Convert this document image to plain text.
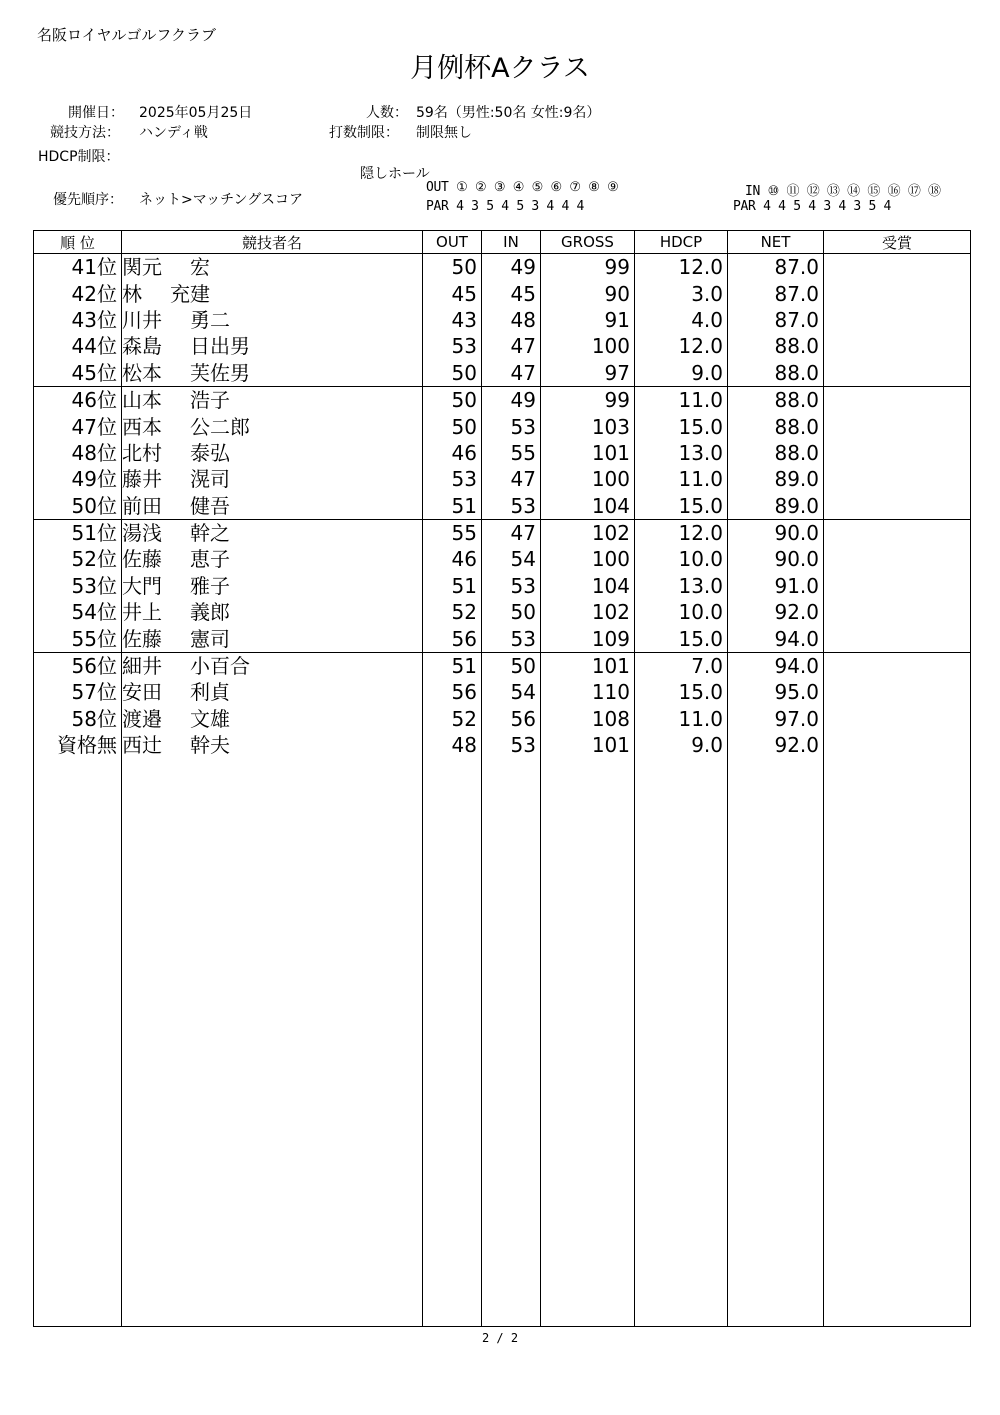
名阪ロイヤルゴルフクラブ
月例杯Aクラス
開催日： 2025年05月25日
競技方法： ハンディ戦
HDCP制限：
優先順序： ネット>マッチングスコア
人数： 59名（男性:50名 女性:9名）
打数制限： 制限無し
隠しホール
OUT ① ② ③ ④ ⑤ ⑥ ⑦ ⑧ ⑨
PAR 4 3 5 4 5 3 4 4 4
IN ⑩ ⑪ ⑫ ⑬ ⑭ ⑮ ⑯ ⑰ ⑱
PAR 4 4 5 4 3 4 3 5 4
順 位	競技者名	OUT	IN	GROSS	HDCP	NET	受賞
41位	関元 宏	50	49	99	12.0	87.0	
42位	林 充建	45	45	90	3.0	87.0	
43位	川井 勇二	43	48	91	4.0	87.0	
44位	森島 日出男	53	47	100	12.0	88.0	
45位	松本 芙佐男	50	47	97	9.0	88.0	
46位	山本 浩子	50	49	99	11.0	88.0	
47位	西本 公二郎	50	53	103	15.0	88.0	
48位	北村 泰弘	46	55	101	13.0	88.0	
49位	藤井 滉司	53	47	100	11.0	89.0	
50位	前田 健吾	51	53	104	15.0	89.0	
51位	湯浅 幹之	55	47	102	12.0	90.0	
52位	佐藤 恵子	46	54	100	10.0	90.0	
53位	大門 雅子	51	53	104	13.0	91.0	
54位	井上 義郎	52	50	102	10.0	92.0	
55位	佐藤 憲司	56	53	109	15.0	94.0	
56位	細井 小百合	51	50	101	7.0	94.0	
57位	安田 利貞	56	54	110	15.0	95.0	
58位	渡邉 文雄	52	56	108	11.0	97.0	
資格無	西辻 幹夫	48	53	101	9.0	92.0	

2 / 2
